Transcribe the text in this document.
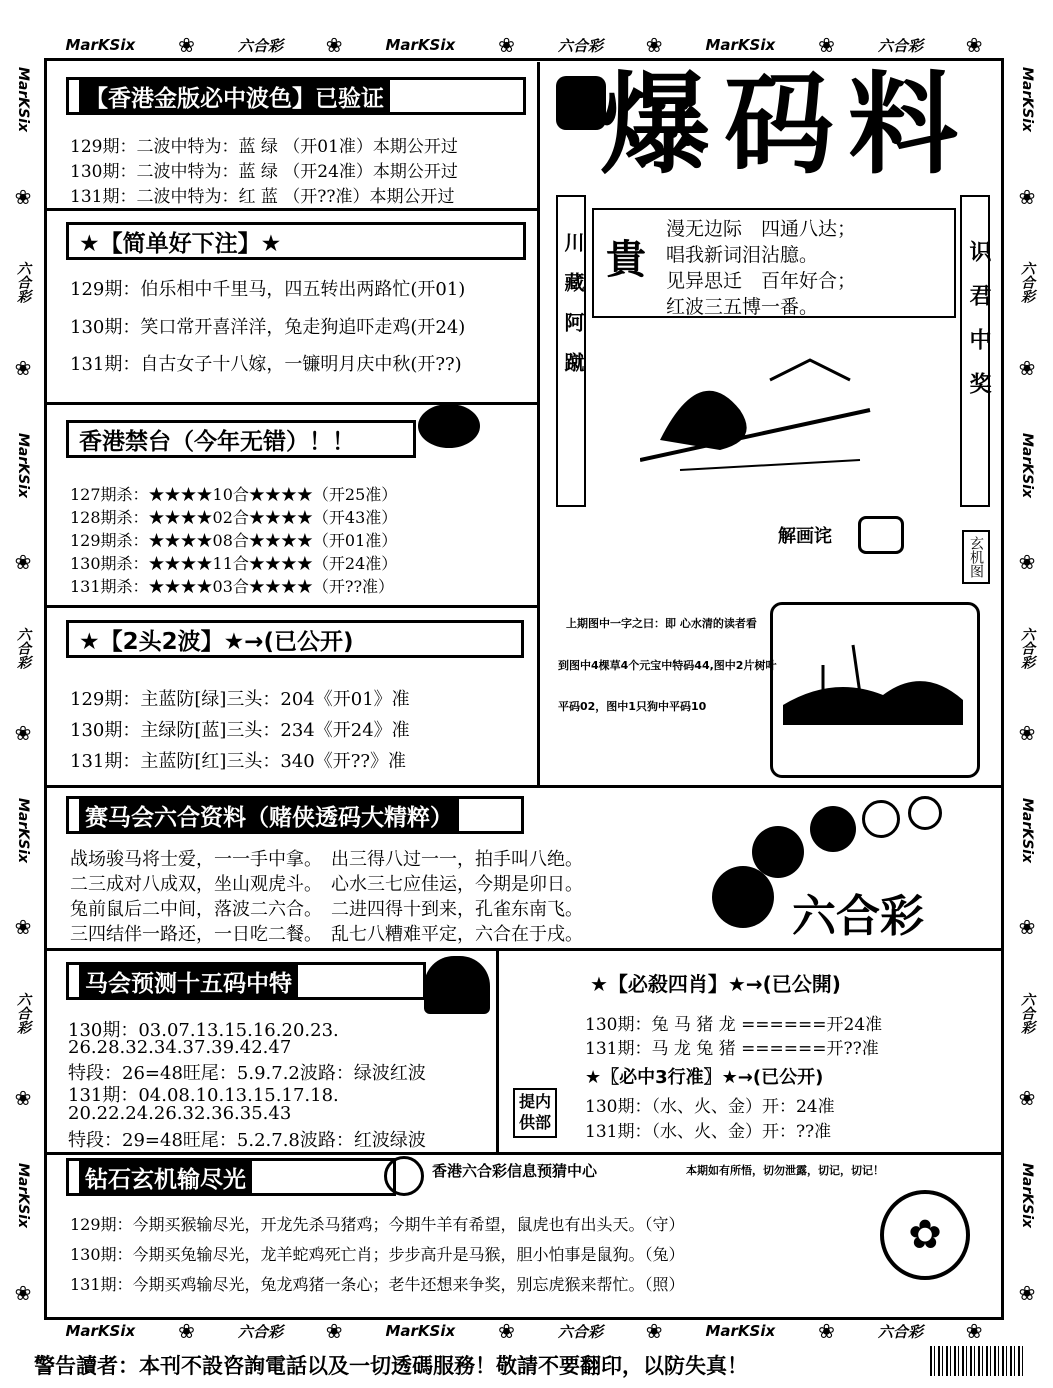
MarKSix ❀	六合彩 ❀	MarKSix ❀	六合彩 ❀	MarKSix ❀	六合彩 ❀
MarKSix ❀	六合彩 ❀	MarKSix ❀	六合彩 ❀	MarKSix ❀	六合彩 ❀
MarKSix
❀
六合彩
❀
MarKSix
❀
六合彩
❀
MarKSix
❀
六合彩
❀
MarKSix
❀
MarKSix
❀
六合彩
❀
MarKSix
❀
六合彩
❀
MarKSix
❀
六合彩
❀
MarKSix
❀
【香港金版必中波色】已验证
129期：二波中特为：蓝 绿 （开01准）本期公开过
130期：二波中特为：蓝 绿 （开24准）本期公开过
131期：二波中特为：红 蓝 （开??准）本期公开过
★【简单好下注】★
129期：伯乐相中千里马，四五转出两路忙(开01)
130期：笑口常开喜洋洋，兔走狗追吓走鸡(开24)
131期：自古女子十八嫁，一镰明月庆中秋(开??)
香港禁台（今年无错）！！
127期杀：★★★★10合★★★★（开25准）
128期杀：★★★★02合★★★★（开43准）
129期杀：★★★★08合★★★★（开01准）
130期杀：★★★★11合★★★★（开24准）
131期杀：★★★★03合★★★★（开??准）
★【2头2波】★→(已公开)
129期：主蓝防[绿]三头：204《开01》准
130期：主绿防[蓝]三头：234《开24》准
131期：主蓝防[红]三头：340《开??》准
爆码料
川藏阿蹴	识君中奖
貴
漫无边际　四通八达；
唱我新词泪沾臆。
见异思迁　百年好合；
红波三五博一番。
解画诧	玄机图
上期图中一字之曰：即 心水清的读者看
到图中4棵草4个元宝中特码44,图中2片树叶
平码02，图中1只狗中平码10
赛马会六合资料（赌侠透码大精粹）
战场骏马将士爱，一一手中拿。　出三得八过一一，拍手叫八绝。
二三成对八成双，坐山观虎斗。　心水三七应佳运，今期是卯日。
兔前鼠后二中间，落波二六合。　二进四得十到来，孔雀东南飞。
三四结伴一路还，一日吃二餐。　乱七八糟难平定，六合在于戌。	六合彩
马会预测十五码中特
130期：03.07.13.15.16.20.23.
26.28.32.34.37.39.42.47
特段：26=48旺尾：5.9.7.2波路：绿波红波
131期：04.08.10.13.15.17.18.
20.22.24.26.32.36.35.43
特段：29=48旺尾：5.2.7.8波路：红波绿波
★【必殺四肖】★→(已公開)
130期：兔 马 猪 龙 ======开24准
131期：马 龙 兔 猪 ======开??准
★〖必中3行准〗★→(已公开)
130期：（水、火、金）开：24准
131期：（水、火、金）开：??准
提内
供部
钻石玄机输尽光	香港六合彩信息预猜中心	本期如有所悟，切勿泄露，切记，切记！
129期：今期买猴输尽光，开龙先杀马猪鸡；今期牛羊有希望，鼠虎也有出头天。（守）
130期：今期买兔输尽光，龙羊蛇鸡死亡肖；步步高升是马猴，胆小怕事是鼠狗。（兔）
131期：今期买鸡输尽光，兔龙鸡猪一条心；老牛还想来争奖，别忘虎猴来帮忙。（照）
✿
警告讀者：本刊不設咨詢電話以及一切透碼服務！敬請不要翻印，以防失真！
